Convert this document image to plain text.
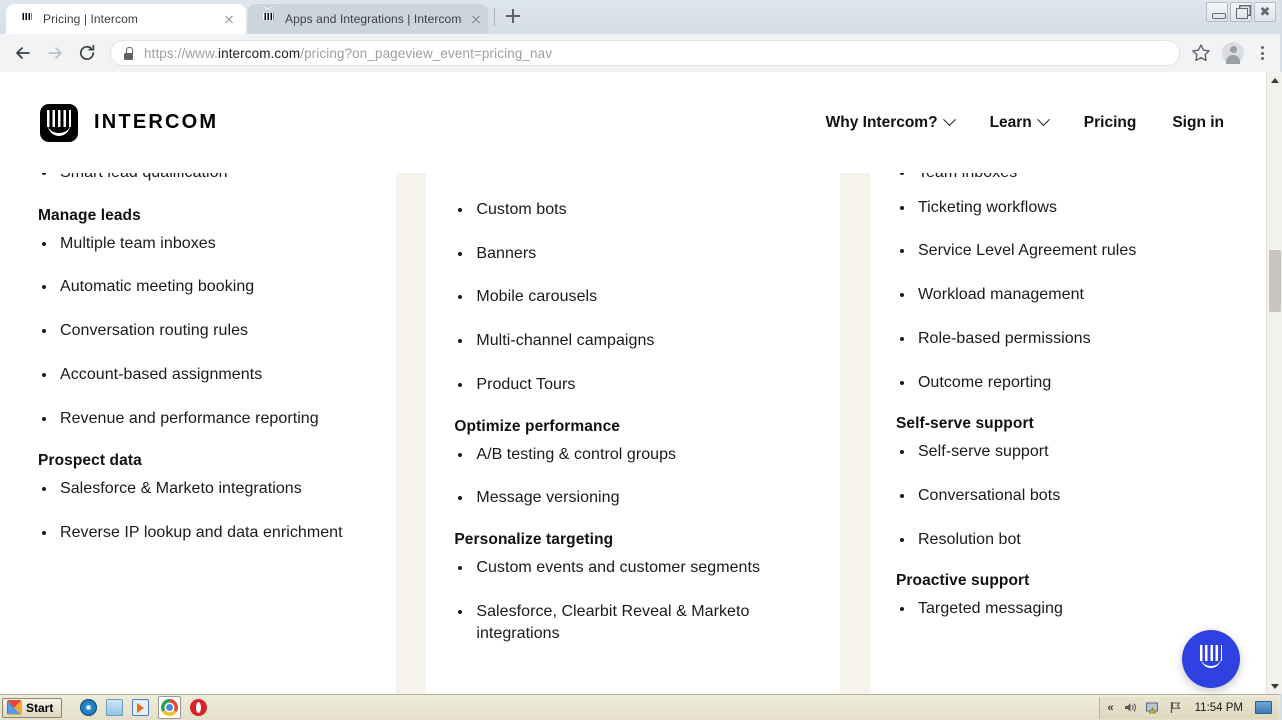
Pricing | Intercom	Apps and Integrations | Intercom	✖
https://www.intercom.com/pricing?on_pageview_event=pricing_nav
INTERCOM	Why Intercom?	Learn	Pricing Sign in
Manage leads
Multiple team inboxes
Automatic meeting booking
Conversation routing rules
Account-based assignments
Revenue and performance reporting
Prospect data
Salesforce & Marketo integrations
Reverse IP lookup and data enrichment
Custom bots
Banners
Mobile carousels
Multi-channel campaigns
Product Tours
Optimize performance
A/B testing & control groups
Message versioning
Personalize targeting
Custom events and customer segments
Salesforce, Clearbit Reveal & Marketo integrations
Ticketing workflows
Service Level Agreement rules
Workload management
Role-based permissions
Outcome reporting
Self-serve support
Self-serve support
Conversational bots
Resolution bot
Proactive support
Targeted messaging
Start	«	!	11:54 PM
